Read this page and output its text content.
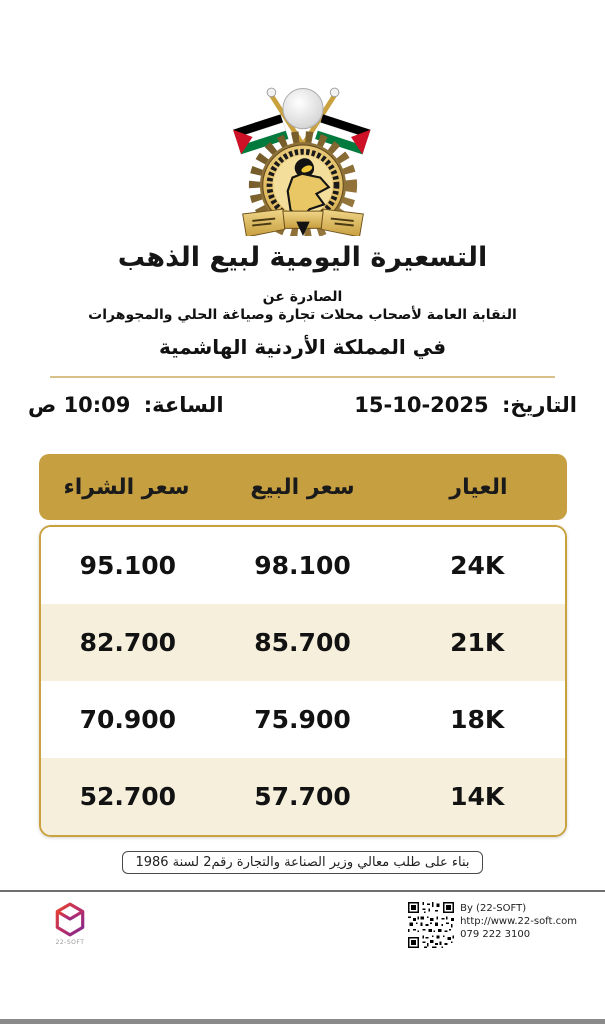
التسعيرة اليومية لبيع الذهب
الصادرة عن
النقابة العامة لأصحاب محلات تجارة وصياغة الحلي والمجوهرات
في المملكة الأردنية الهاشمية
التاريخ: 15-10-2025
الساعة: 10:09 ص
العيار
سعر البيع
سعر الشراء
24K
98.100
95.100
21K
85.700
82.700
18K
75.900
70.900
14K
57.700
52.700
بناء على طلب معالي وزير الصناعة والتجارة رقم2 لسنة 1986
22-SOFT
By (22-SOFT)
http://www.22-soft.com
079 222 3100
